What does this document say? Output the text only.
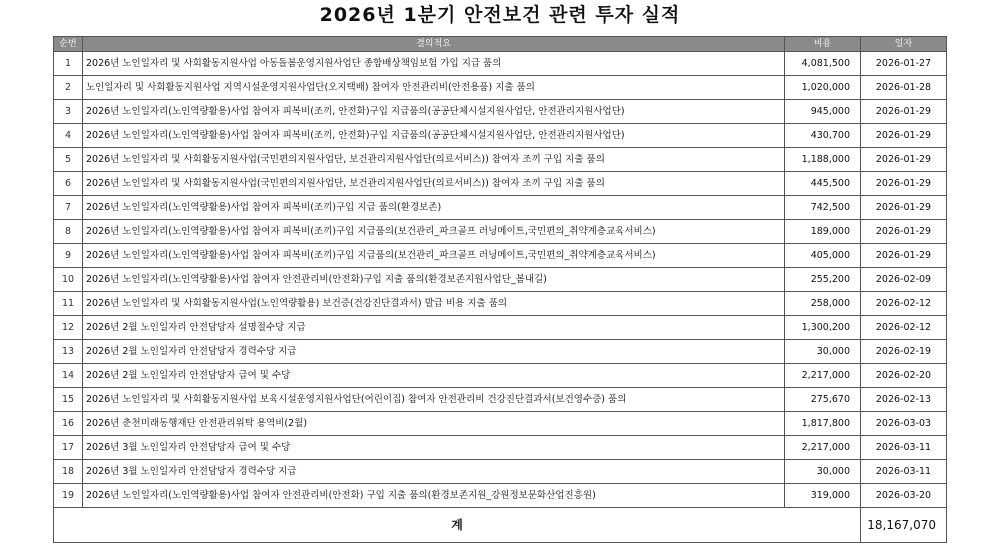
2026년 1분기 안전보건 관련 투자 실적
순번	결의적요	비용	일자
1	2026년 노인일자리 및 사회활동지원사업 아동돌봄운영지원사업단 종합배상책임보험 가입 지급 품의	4,081,500	2026-01-27
2	노인일자리 및 사회활동지원사업 지역시설운영지원사업단(오지택배) 참여자 안전관리비(안전용품) 지출 품의	1,020,000	2026-01-28
3	2026년 노인일자리(노인역량활용)사업 참여자 피복비(조끼, 안전화)구입 지급품의(공공단체시설지원사업단, 안전관리지원사업단)	945,000	2026-01-29
4	2026년 노인일자리(노인역량활용)사업 참여자 피복비(조끼, 안전화)구입 지급품의(공공단체시설지원사업단, 안전관리지원사업단)	430,700	2026-01-29
5	2026년 노인일자리 및 사회활동지원사업(국민편의지원사업단, 보건관리지원사업단(의료서비스)) 참여자 조끼 구입 지출 품의	1,188,000	2026-01-29
6	2026년 노인일자리 및 사회활동지원사업(국민편의지원사업단, 보건관리지원사업단(의료서비스)) 참여자 조끼 구입 지출 품의	445,500	2026-01-29
7	2026년 노인일자리(노인역량활용)사업 참여자 피복비(조끼)구입 지급 품의(환경보존)	742,500	2026-01-29
8	2026년 노인일자리(노인역량활용)사업 참여자 피복비(조끼)구입 지급품의(보건관리_파크골프 러닝메이트,국민편의_취약계층교육서비스)	189,000	2026-01-29
9	2026년 노인일자리(노인역량활용)사업 참여자 피복비(조끼)구입 지급품의(보건관리_파크골프 러닝메이트,국민편의_취약계층교육서비스)	405,000	2026-01-29
10	2026년 노인일자리(노인역량활용)사업 참여자 안전관리비(안전화)구입 지출 품의(환경보존지원사업단_봄내길)	255,200	2026-02-09
11	2026년 노인일자리 및 사회활동지원사업(노인역량활용) 보건증(건강진단결과서) 발급 비용 지출 품의	258,000	2026-02-12
12	2026년 2월 노인일자리 안전담당자 설명절수당 지급	1,300,200	2026-02-12
13	2026년 2월 노인일자리 안전담당자 경력수당 지급	30,000	2026-02-19
14	2026년 2월 노인일자리 안전담당자 급여 및 수당	2,217,000	2026-02-20
15	2026년 노인일자리 및 사회활동지원사업 보육시설운영지원사업단(어린이집) 참여자 안전관리비 건강진단결과서(보건영수증) 품의	275,670	2026-02-13
16	2026년 춘천미래동행재단 안전관리위탁 용역비(2월)	1,817,800	2026-03-03
17	2026년 3월 노인일자리 안전담당자 급여 및 수당	2,217,000	2026-03-11
18	2026년 3월 노인일자리 안전담당자 경력수당 지급	30,000	2026-03-11
19	2026년 노인일자리(노인역량활용)사업 참여자 안전관리비(안전화) 구입 지출 품의(환경보존지원_강원정보문화산업진흥원)	319,000	2026-03-20
계			18,167,070
